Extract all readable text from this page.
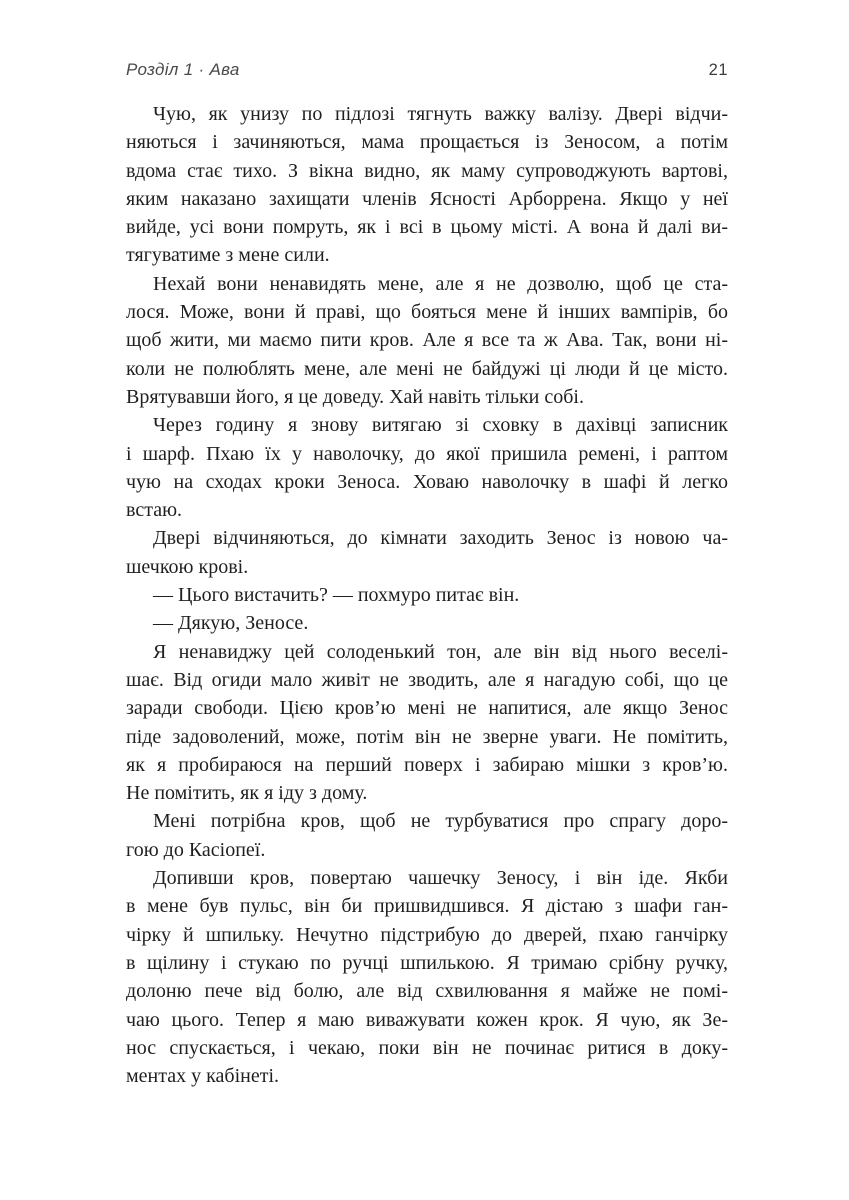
Розділ 1 · Ава	21
Чую, як унизу по підлозі тягнуть важку валізу. Двері відчи-
няються і зачиняються, мама прощається із Зеносом, а потім
вдома стає тихо. З вікна видно, як маму супроводжують вартові,
яким наказано захищати членів Ясності Арборрена. Якщо у неї
вийде, усі вони помруть, як і всі в цьому місті. А вона й далі ви-
тягуватиме з мене сили.
Нехай вони ненавидять мене, але я не дозволю, щоб це ста-
лося. Може, вони й праві, що бояться мене й інших вампірів, бо
щоб жити, ми маємо пити кров. Але я все та ж Ава. Так, вони ні-
коли не полюблять мене, але мені не байдужі ці люди й це місто.
Врятувавши його, я це доведу. Хай навіть тільки собі.
Через годину я знову витягаю зі сховку в дахівці записник
і шарф. Пхаю їх у наволочку, до якої пришила ремені, і раптом
чую на сходах кроки Зеноса. Ховаю наволочку в шафі й легко
встаю.
Двері відчиняються, до кімнати заходить Зенос із новою ча-
шечкою крові.
— Цього вистачить? — похмуро питає він.
— Дякую, Зеносе.
Я ненавиджу цей солоденький тон, але він від нього веселі-
шає. Від огиди мало живіт не зводить, але я нагадую собі, що це
заради свободи. Цією кров’ю мені не напитися, але якщо Зенос
піде задоволений, може, потім він не зверне уваги. Не помітить,
як я пробираюся на перший поверх і забираю мішки з кров’ю.
Не помітить, як я іду з дому.
Мені потрібна кров, щоб не турбуватися про спрагу доро-
гою до Касіопеї.
Допивши кров, повертаю чашечку Зеносу, і він іде. Якби
в мене був пульс, він би пришвидшився. Я дістаю з шафи ган-
чірку й шпильку. Нечутно підстрибую до дверей, пхаю ганчірку
в щілину і стукаю по ручці шпилькою. Я тримаю срібну ручку,
долоню пече від болю, але від схвилювання я майже не помі-
чаю цього. Тепер я маю виважувати кожен крок. Я чую, як Зе-
нос спускається, і чекаю, поки він не починає ритися в доку-
ментах у кабінеті.
